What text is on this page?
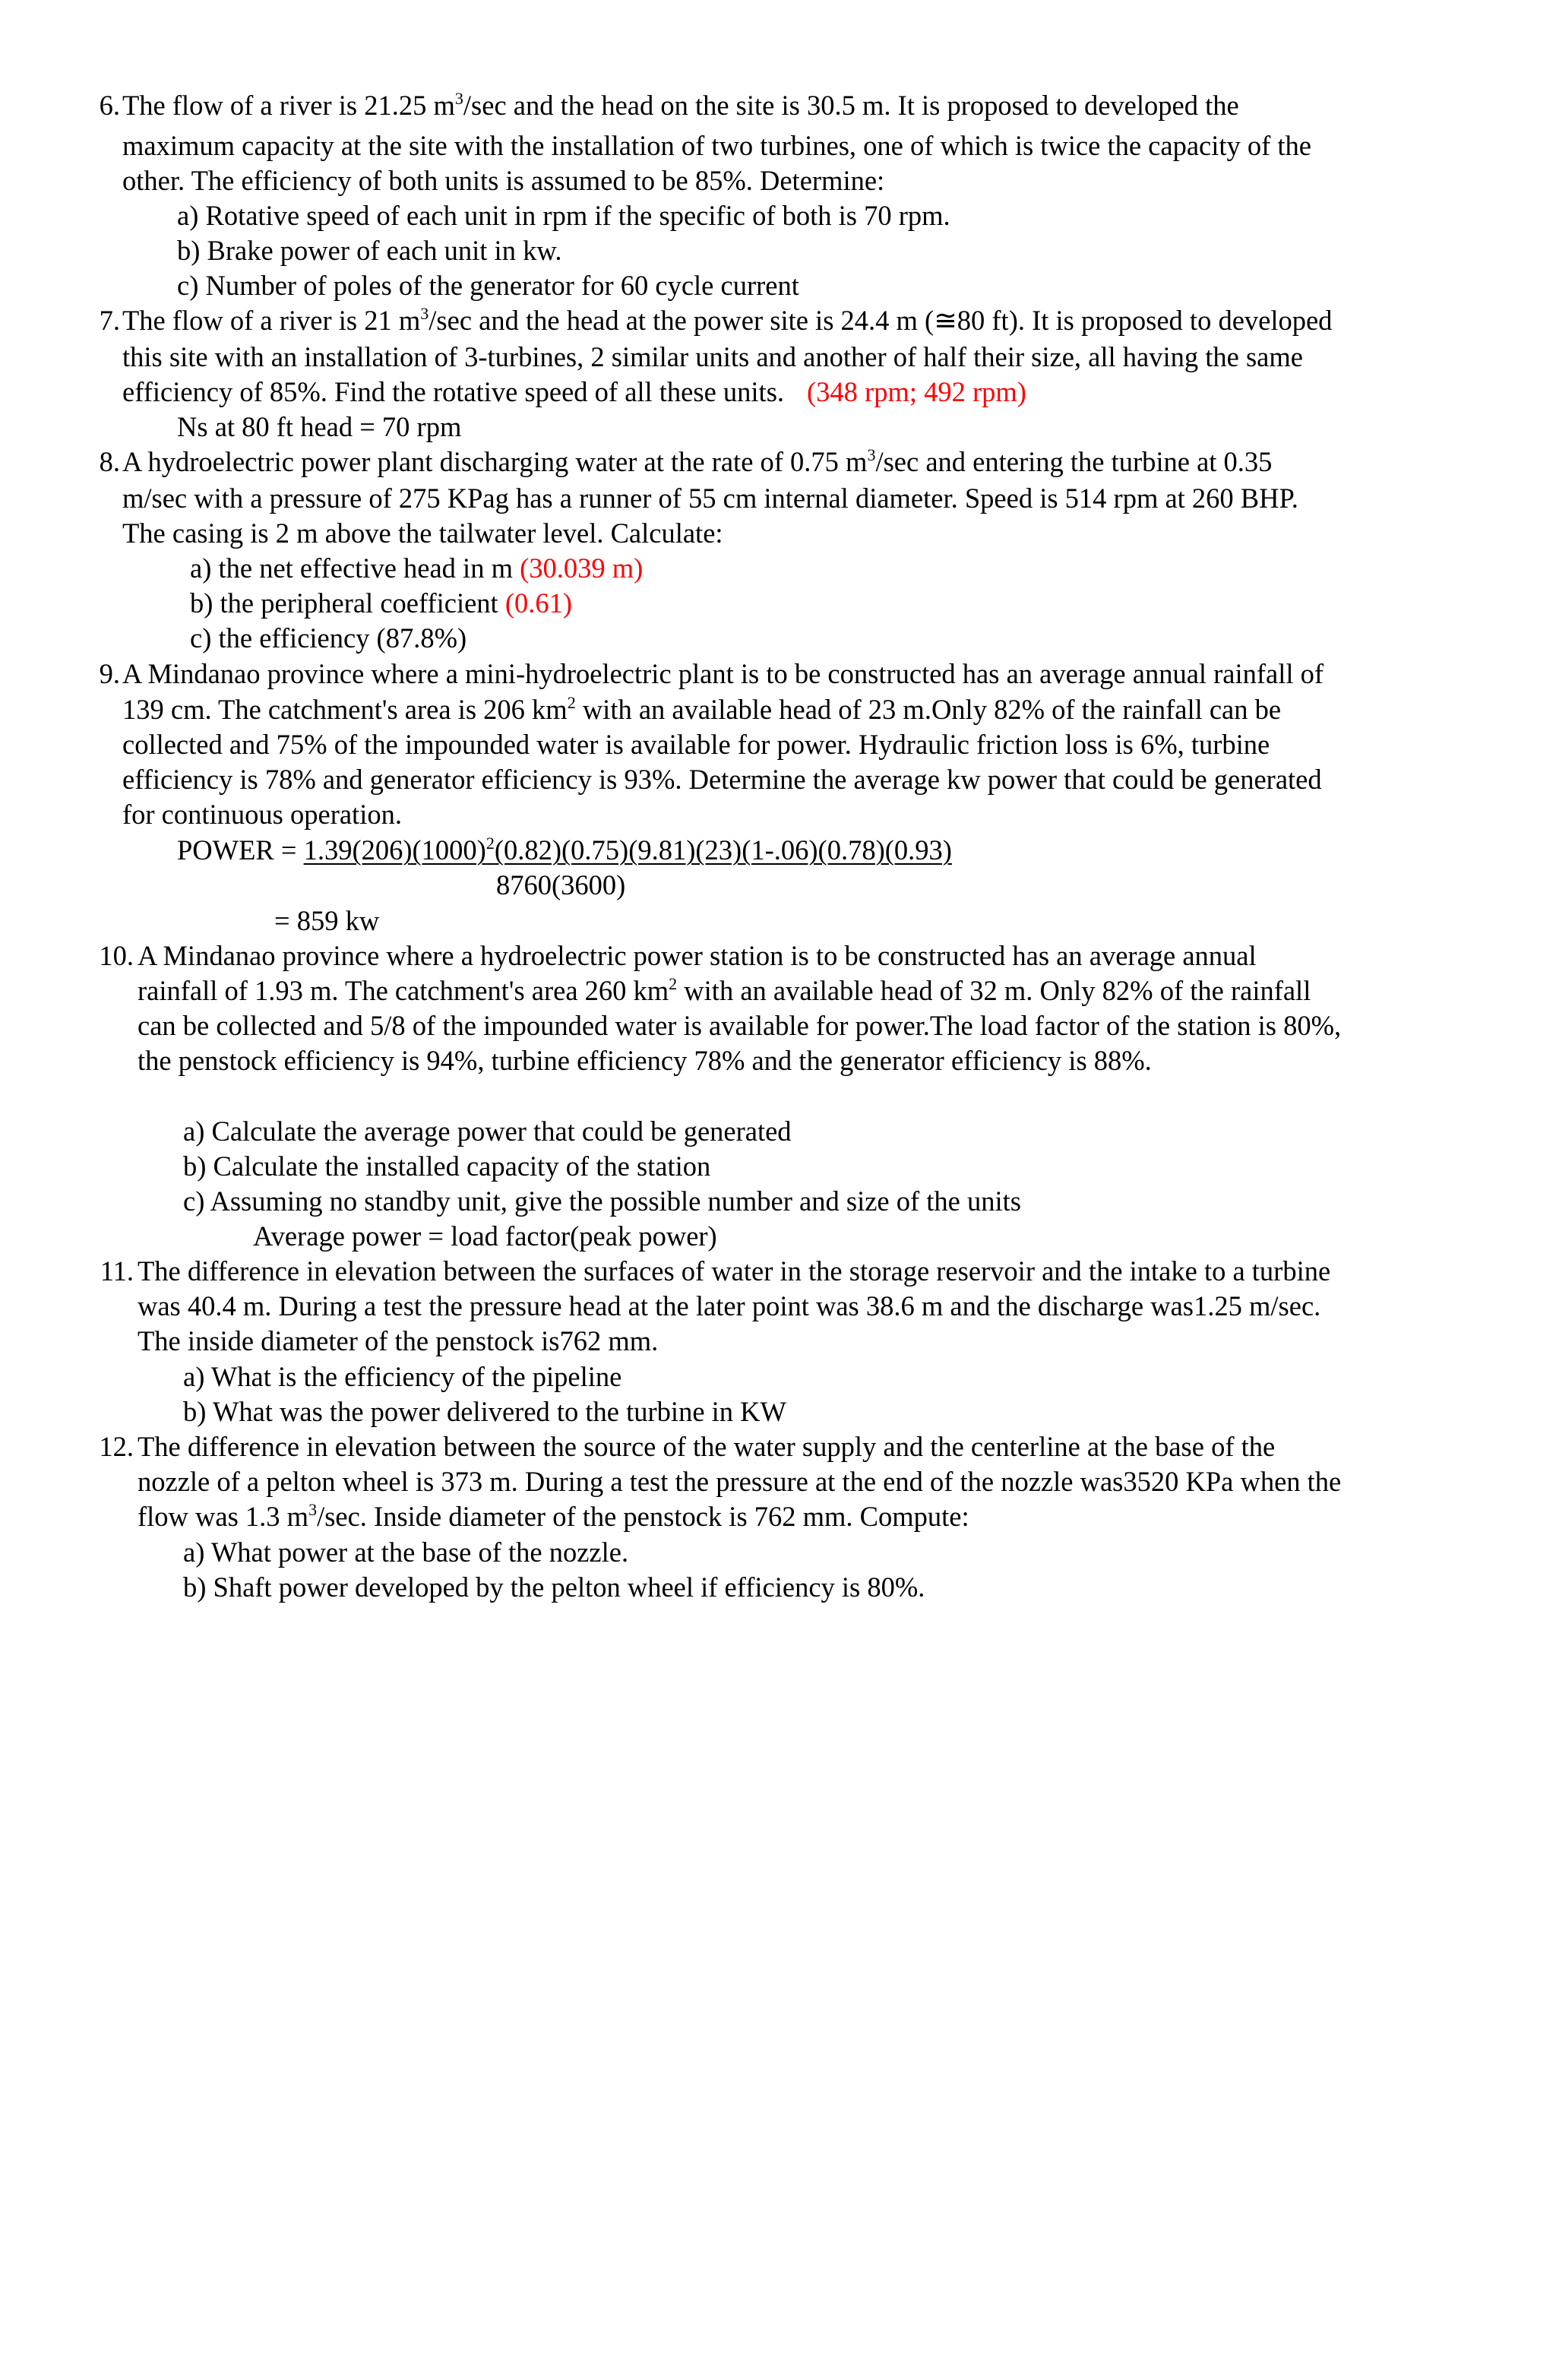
6. The flow of a river is 21.25 $m^3/\sec$ and the head on the site is 30.5 m. It is proposed to developed the
maximum capacity at the site with the installation of two turbines, one of which is twice the capacity of the
other. The efficiency of both units is assumed to be 85%. Determine:
a) Rotative speed of each unit in rpm if the specific of both is 70 rpm.
b) Brake power of each unit in kw.
c) Number of poles of the generator for 60 cycle current
7. The flow of a river is 21 $m^3/\sec$ and the head at the power site is 24.4 m (≅80 ft). It is proposed to developed
this site with an installation of 3-turbines, 2 similar units and another of half their size, all having the same
efficiency of 85%. Find the rotative speed of all these units. (348 rpm; 492 rpm)
Ns at 80 ft head = 70 rpm
8. A hydroelectric power plant discharging water at the rate of 0.75 $m^3/\sec$ and entering the turbine at 0.35
m/sec with a pressure of 275 KPag has a runner of 55 cm internal diameter. Speed is 514 rpm at 260 BHP.
The casing is 2 m above the tailwater level. Calculate:
a) the net effective head in m (30.039 m)
b) the peripheral coefficient (0.61)
c) the efficiency (87.8%)
9. A Mindanao province where a mini-hydroelectric plant is to be constructed has an average annual rainfall of
139 cm. The catchment's area is 206 $km^2$ with an available head of 23 m.Only 82% of the rainfall can be
collected and 75% of the impounded water is available for power. Hydraulic friction loss is 6%, turbine
efficiency is 78% and generator efficiency is 93%. Determine the average kw power that could be generated
for continuous operation.
POWER = $1.39(206)(1000)^2(0.82)(0.75)(9.81)(23)(1-.06)(0.78)(0.93)$
8760(3600)
= 859 kw
10. A Mindanao province where a hydroelectric power station is to be constructed has an average annual
rainfall of 1.93 m. The catchment's area 260 $km^2$ with an available head of 32 m. Only 82% of the rainfall
can be collected and 5/8 of the impounded water is available for power.The load factor of the station is 80%,
the penstock efficiency is 94%, turbine efficiency 78% and the generator efficiency is 88%.
a) Calculate the average power that could be generated
b) Calculate the installed capacity of the station
c) Assuming no standby unit, give the possible number and size of the units
Average power = load factor(peak power)
11. The difference in elevation between the surfaces of water in the storage reservoir and the intake to a turbine
was 40.4 m. During a test the pressure head at the later point was 38.6 m and the discharge was1.25 m/sec.
The inside diameter of the penstock is762 mm.
a) What is the efficiency of the pipeline
b) What was the power delivered to the turbine in KW
12. The difference in elevation between the source of the water supply and the centerline at the base of the
nozzle of a pelton wheel is 373 m. During a test the pressure at the end of the nozzle was3520 KPa when the
flow was 1.3 $m^3/\sec$. Inside diameter of the penstock is 762 mm. Compute:
a) What power at the base of the nozzle.
b) Shaft power developed by the pelton wheel if efficiency is 80%.
